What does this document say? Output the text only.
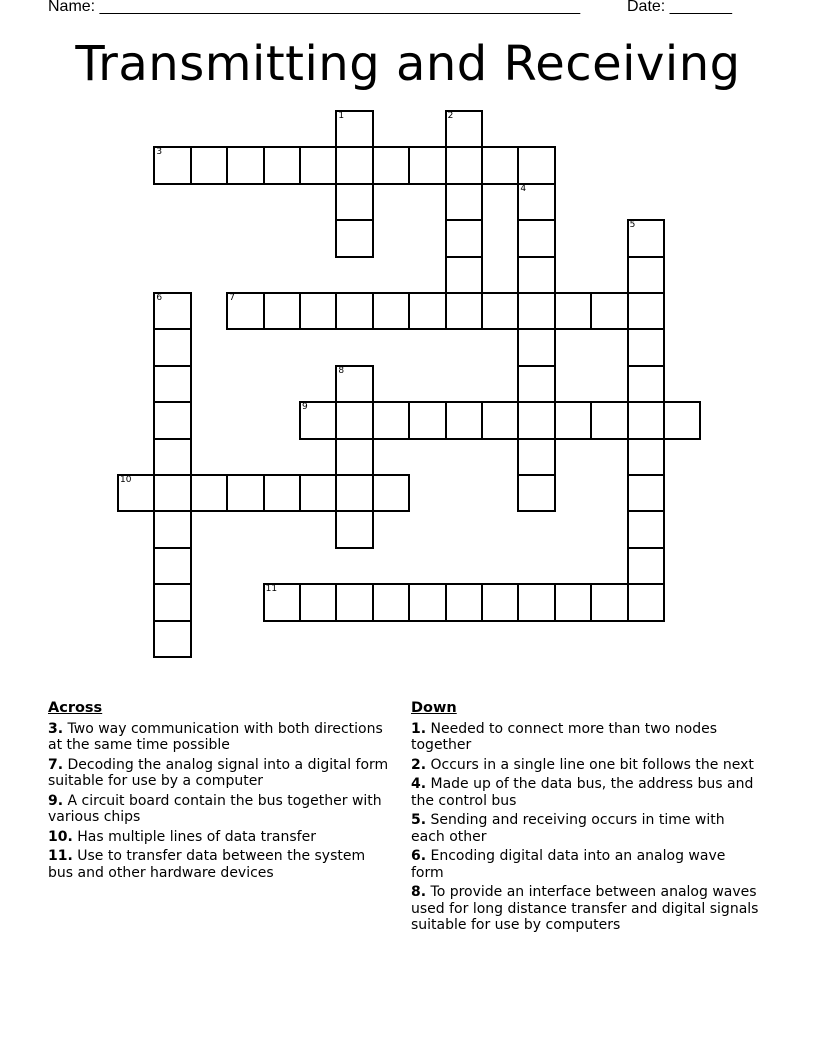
Name: ______________________________________________________	Date: _______
Transmitting and Receiving
1	2
3
4
5
6	7
8
9
10
11
Across
3. Two way communication with both directions at the same time possible
7. Decoding the analog signal into a digital form suitable for use by a computer
9. A circuit board contain the bus together with various chips
10. Has multiple lines of data transfer
11. Use to transfer data between the system bus and other hardware devices
Down
1. Needed to connect more than two nodes together
2. Occurs in a single line one bit follows the next
4. Made up of the data bus, the address bus and the control bus
5. Sending and receiving occurs in time with each other
6. Encoding digital data into an analog wave form
8. To provide an interface between analog waves used for long distance transfer and digital signals suitable for use by computers
